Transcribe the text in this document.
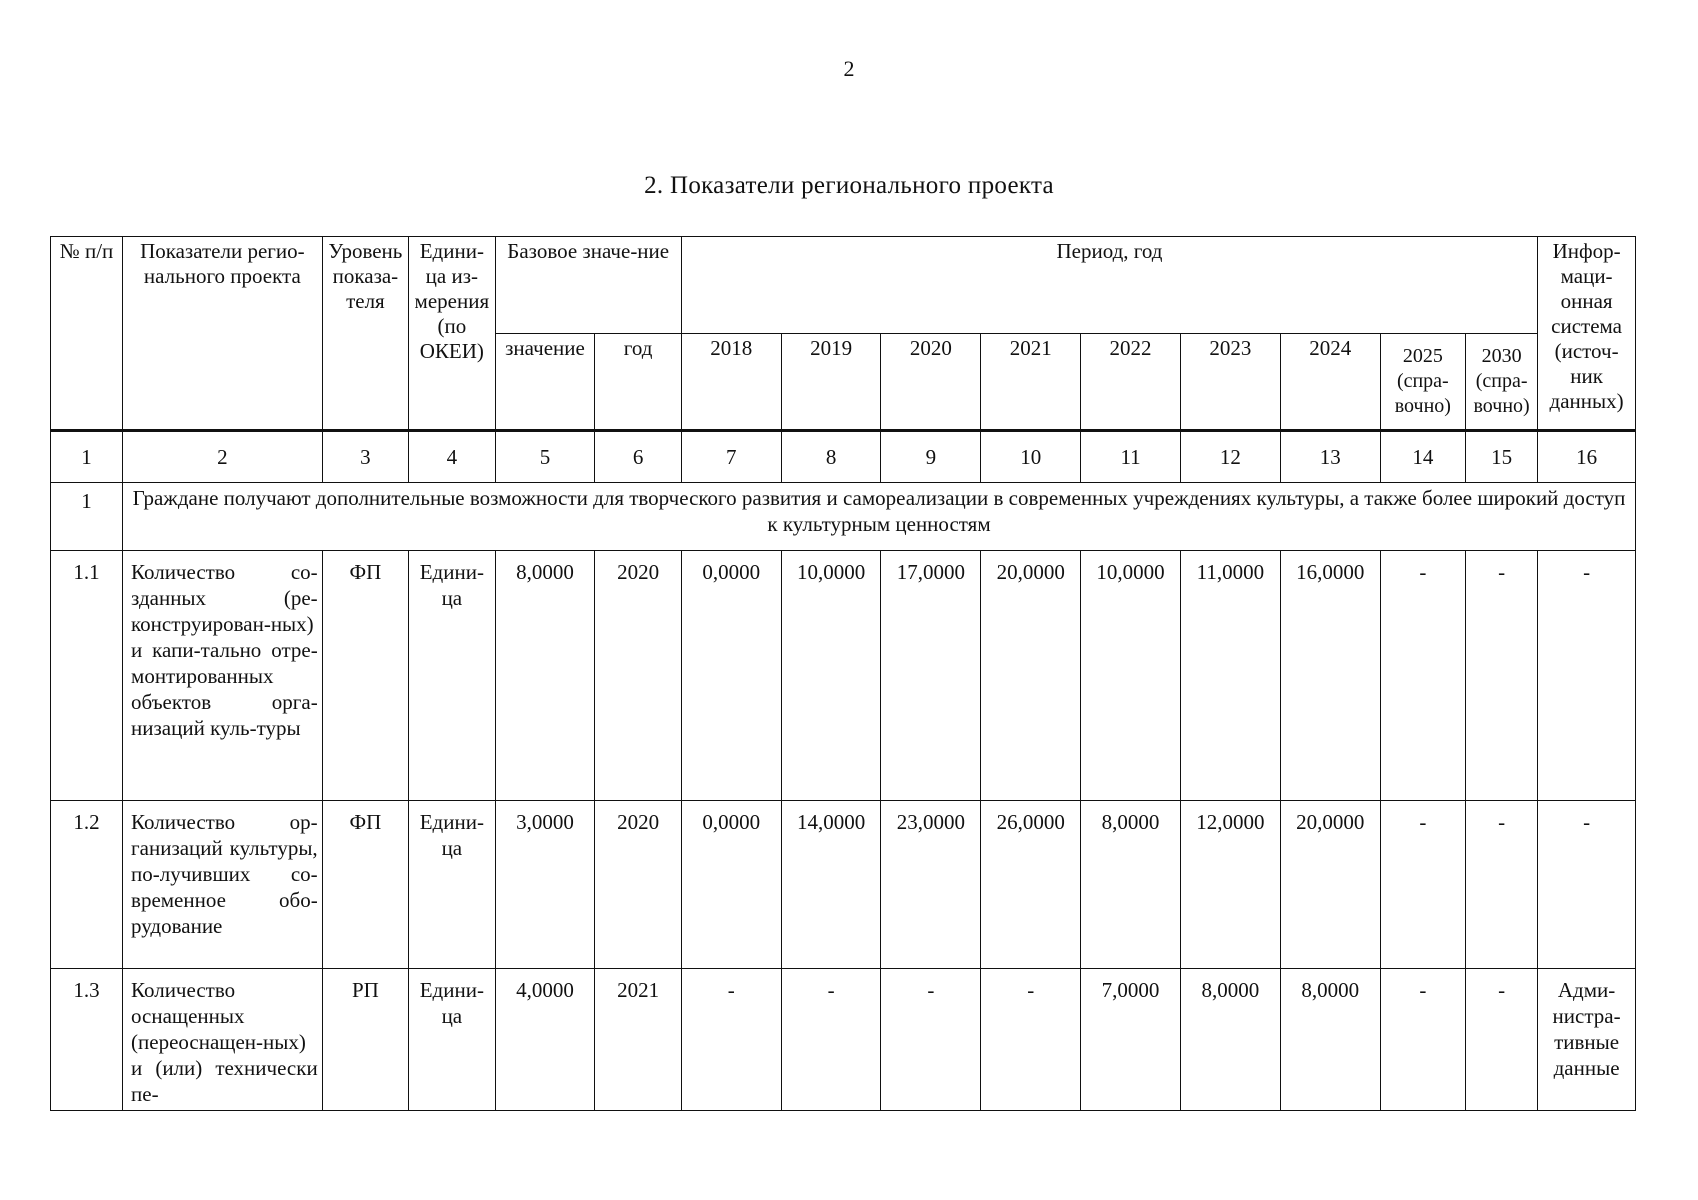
2
2. Показатели регионального проекта
№ п/п	Показатели регио-нального проекта	Уровень показа-теля	Едини-ца из-мерения (по ОКЕИ)	Базовое значе-ние		Период, год									Инфор-маци-онная система (источ-ник данных)
				значение	год	2018	2019	2020	2021	2022	2023	2024	2025 (спра-вочно)	2030 (спра-вочно)	
1	2	3	4	5	6	7	8	9	10	11	12	13	14	15	16
1	Граждане получают дополнительные возможности для творческого развития и самореализации в современных учреждениях культуры, а также более широкий доступ к культурным ценностям														
1.1	Количество со-зданных (ре-конструирован-ных) и капи-тально отре-монтированных объектов орга-низаций куль-туры	ФП	Едини-ца	8,0000	2020	0,0000	10,0000	17,0000	20,0000	10,0000	11,0000	16,0000	-	-	-
1.2	Количество ор-ганизаций культуры, по-лучивших со-временное обо-рудование	ФП	Едини-ца	3,0000	2020	0,0000	14,0000	23,0000	26,0000	8,0000	12,0000	20,0000	-	-	-
1.3	Количество оснащенных (переоснащен-ных) и (или) технически пе-	РП	Едини-ца	4,0000	2021	-	-	-	-	7,0000	8,0000	8,0000	-	-	Адми-нистра-тивные данные
